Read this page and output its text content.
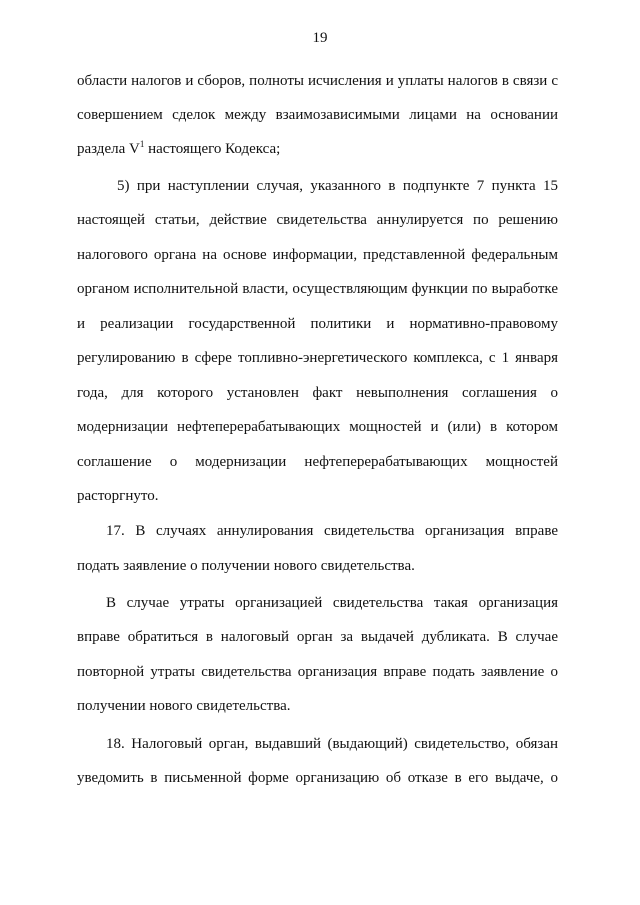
19
области налогов и сборов, полноты исчисления и уплаты налогов в связи с
совершением сделок между взаимозависимыми лицами на основании
раздела $V^1$ настоящего Кодекса;
5) при наступлении случая, указанного в подпункте 7 пункта 15
настоящей статьи, действие свидетельства аннулируется по решению
налогового органа на основе информации, представленной федеральным
органом исполнительной власти, осуществляющим функции по выработке
и реализации государственной политики и нормативно-правовому
регулированию в сфере топливно-энергетического комплекса, с 1 января
года, для которого установлен факт невыполнения соглашения о
модернизации нефтеперерабатывающих мощностей и (или) в котором
соглашение о модернизации нефтеперерабатывающих мощностей
расторгнуто.
17. В случаях аннулирования свидетельства организация вправе
подать заявление о получении нового свидетельства.
В случае утраты организацией свидетельства такая организация
вправе обратиться в налоговый орган за выдачей дубликата. В случае
повторной утраты свидетельства организация вправе подать заявление о
получении нового свидетельства.
18. Налоговый орган, выдавший (выдающий) свидетельство, обязан
уведомить в письменной форме организацию об отказе в его выдаче, о
